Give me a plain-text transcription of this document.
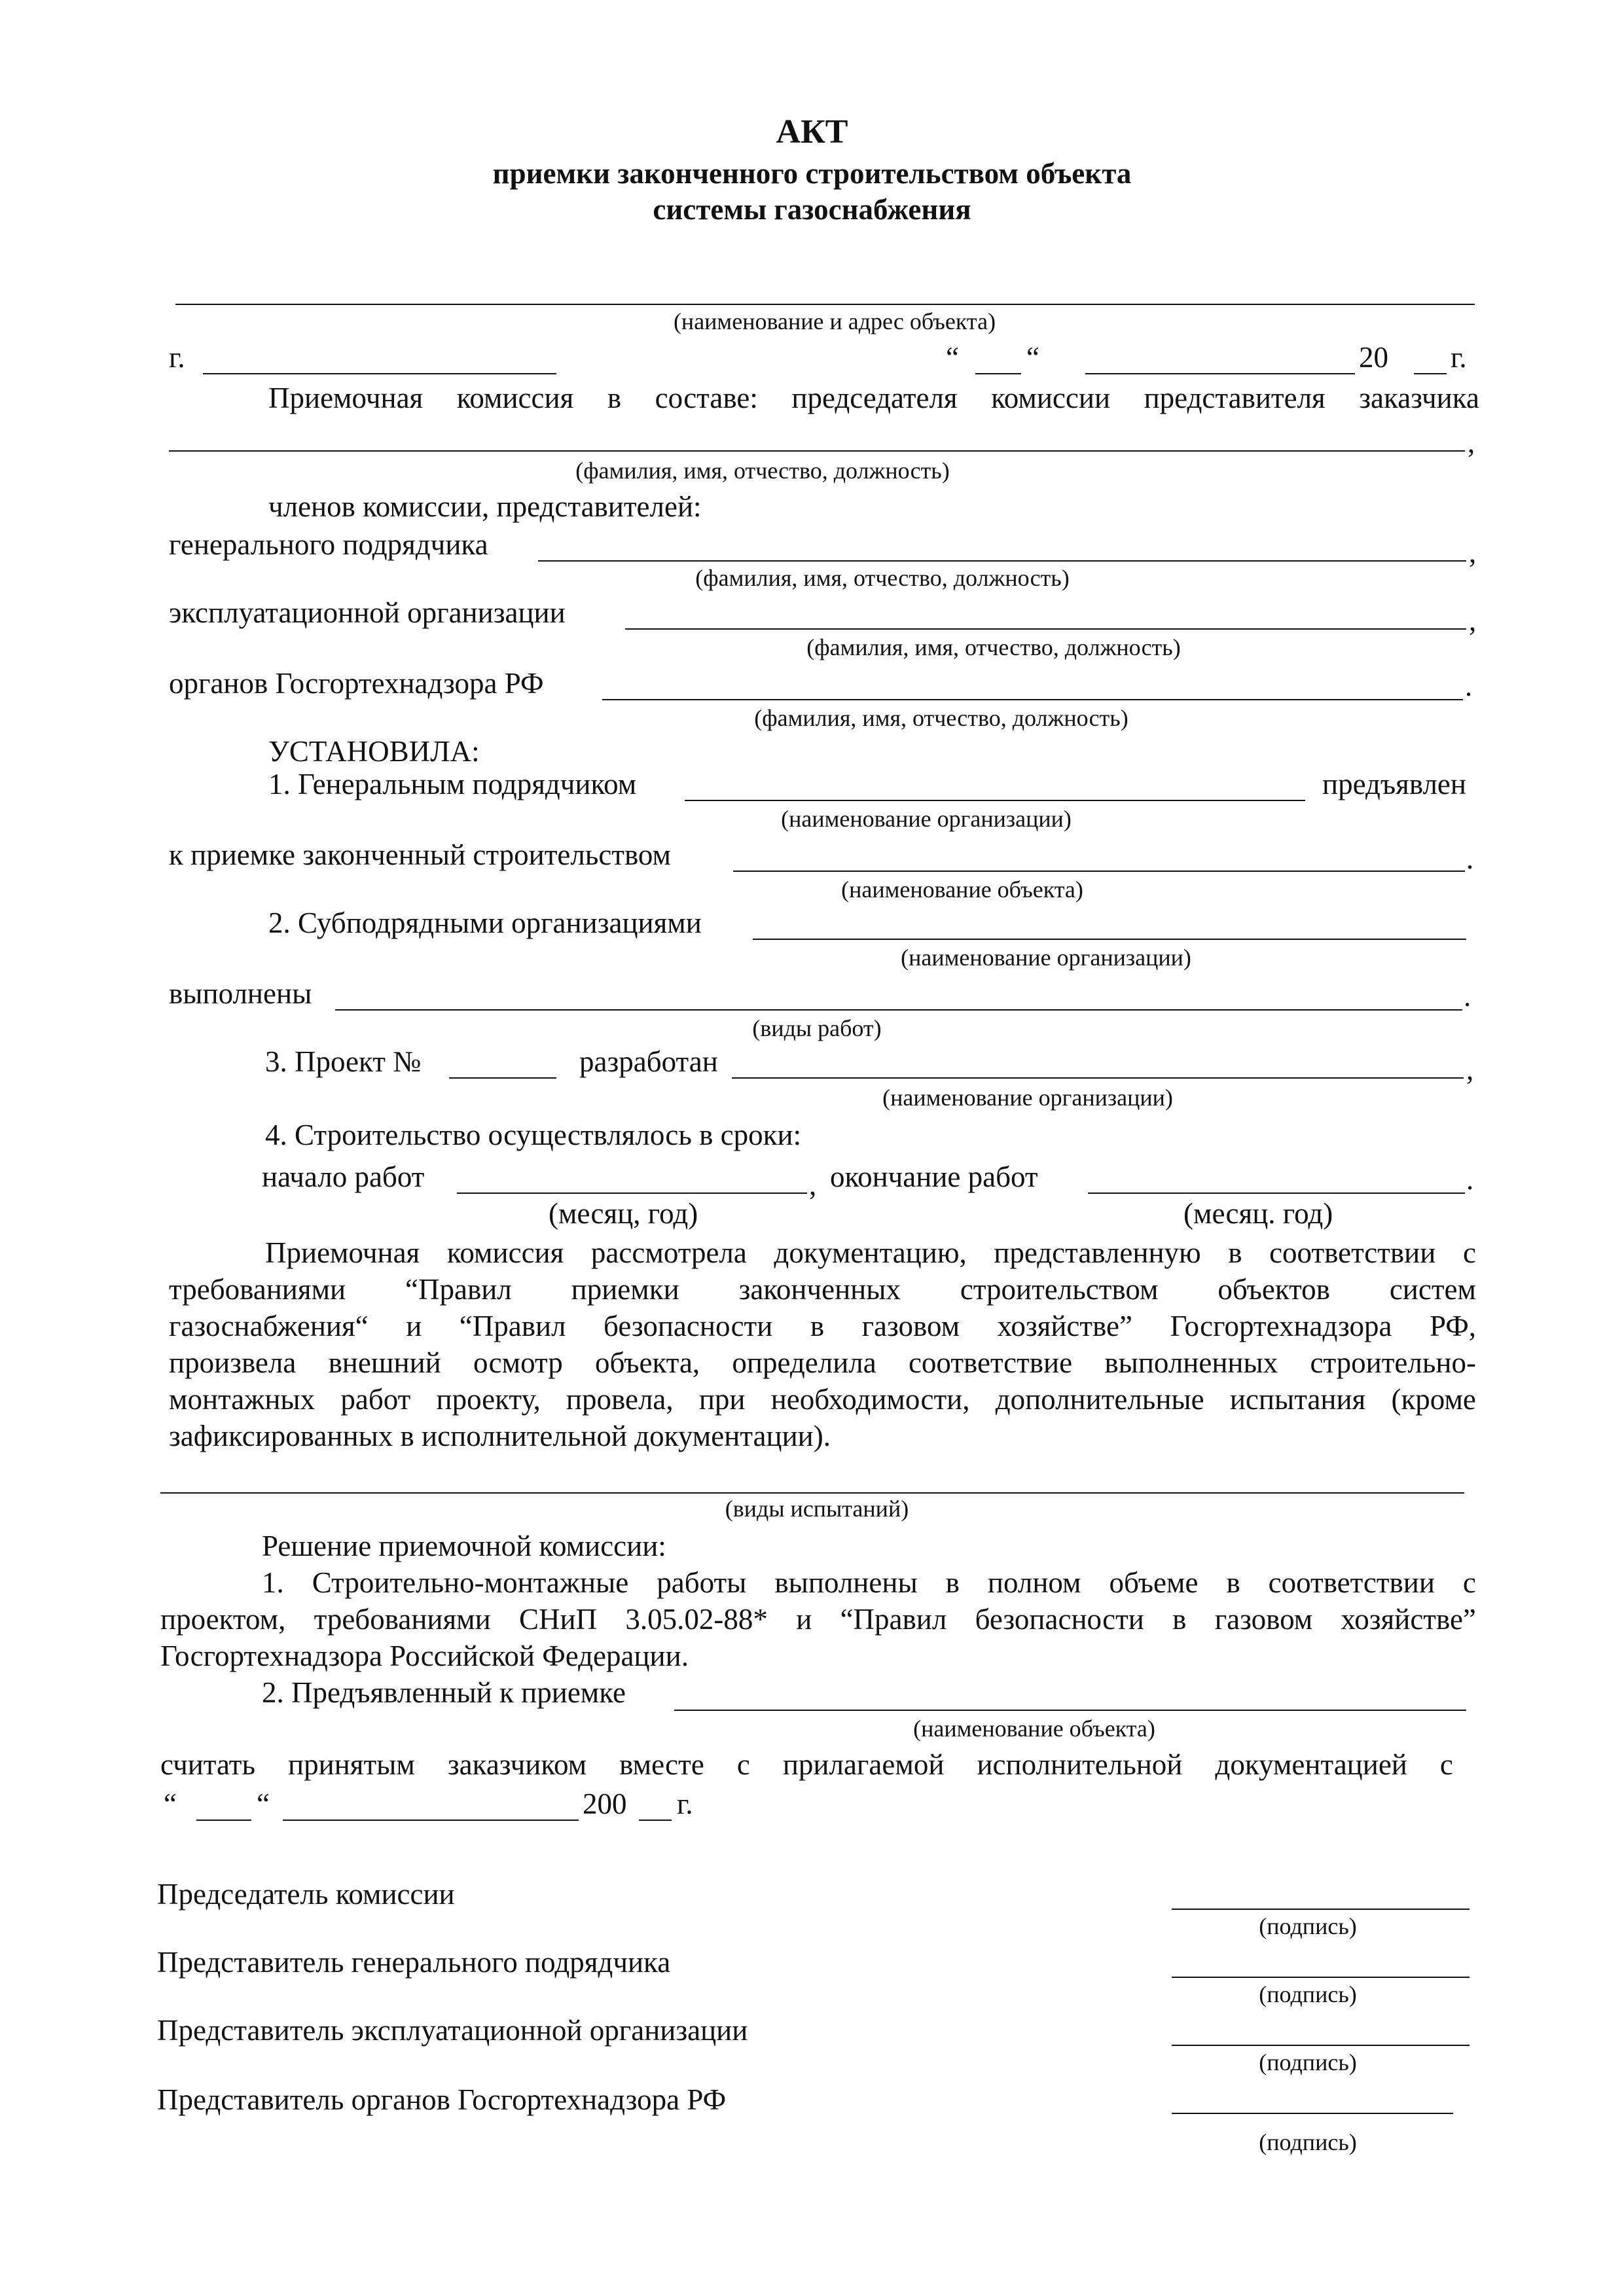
АКТ
приемки законченного строительством объекта
системы газоснабжения
(наименование и адрес объекта)
г.	“ “	20 г.
Приемочная комиссия в составе: председателя комиссии представителя заказчика
,
(фамилия, имя, отчество, должность)
членов комиссии, представителей:
генерального подрядчика	,
(фамилия, имя, отчество, должность)
эксплуатационной организации	,
(фамилия, имя, отчество, должность)
органов Госгортехнадзора РФ	.
(фамилия, имя, отчество, должность)
УСТАНОВИЛА:
1. Генеральным подрядчиком	предъявлен
(наименование организации)
к приемке законченный строительством	.
(наименование объекта)
2. Субподрядными организациями
(наименование организации)
выполнены	.
(виды работ)
3. Проект №	разработан	,
(наименование организации)
4. Строительство осуществлялось в сроки:
начало работ	, окончание работ	.
(месяц, год)	(месяц. год)
Приемочная комиссия рассмотрела документацию, представленную в соответствии с
требованиями “Правил приемки законченных строительством объектов систем
газоснабжения“ и “Правил безопасности в газовом хозяйстве” Госгортехнадзора РФ,
произвела внешний осмотр объекта, определила соответствие выполненных строительно-
монтажных работ проекту, провела, при необходимости, дополнительные испытания (кроме
зафиксированных в исполнительной документации).
(виды испытаний)
Решение приемочной комиссии:
1. Строительно-монтажные работы выполнены в полном объеме в соответствии с
проектом, требованиями СНиП 3.05.02-88* и “Правил безопасности в газовом хозяйстве”
Госгортехнадзора Российской Федерации.
2. Предъявленный к приемке
(наименование объекта)
считать принятым заказчиком вместе с прилагаемой исполнительной документацией с
“	“	200 г.
Председатель комиссии
(подпись)
Представитель генерального подрядчика
(подпись)
Представитель эксплуатационной организации
(подпись)
Представитель органов Госгортехнадзора РФ
(подпись)
